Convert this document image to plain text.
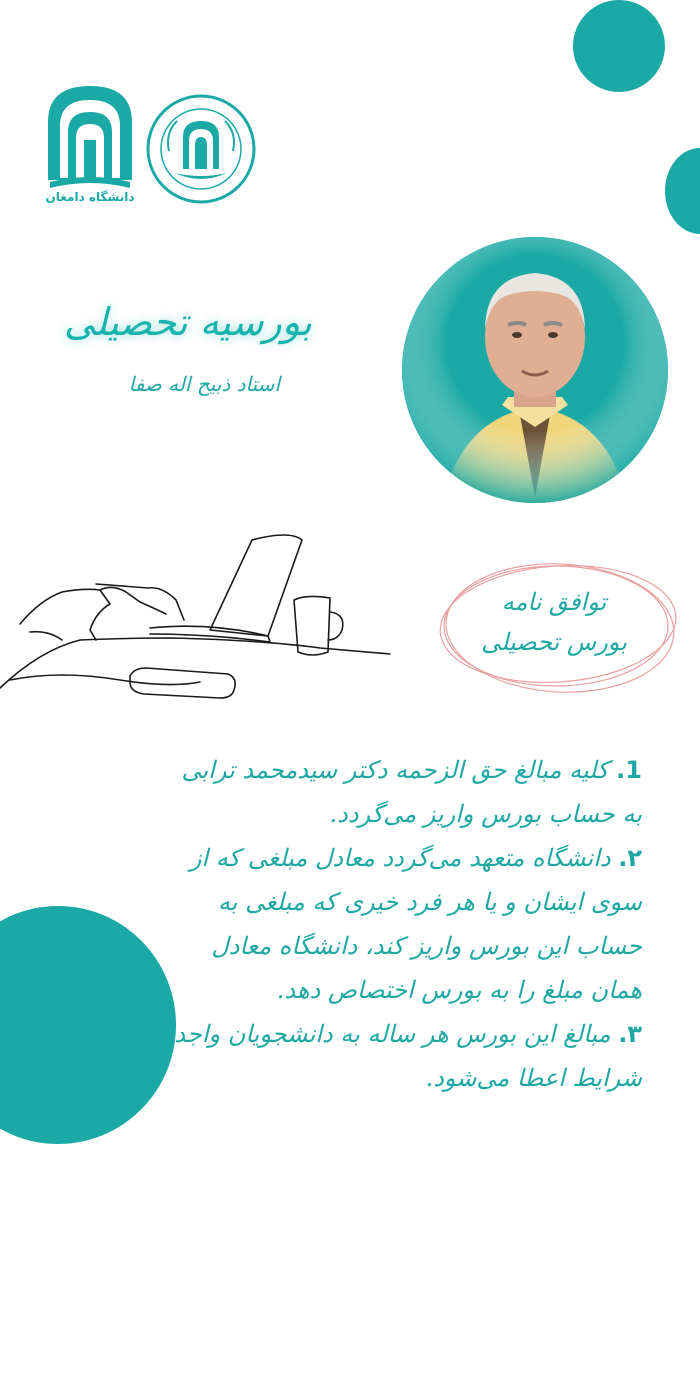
دانشگاه دامغان
بورسیه تحصیلی
استاد ذبیح اله صفا
توافق نامه
بورس تحصیلی

1. کلیه مبالغ حق الزحمه دکتر سیدمحمد ترابی به حساب بورس واریز می‌گردد.

۲. دانشگاه متعهد می‌گردد معادل مبلغی که از سوی ایشان و یا هر فرد خیری که مبلغی به حساب این بورس واریز کند، دانشگاه معادل همان مبلغ را به بورس اختصاص دهد.

۳. مبالغ این بورس هر ساله به دانشجویان واجد شرایط اعطا می‌شود.
